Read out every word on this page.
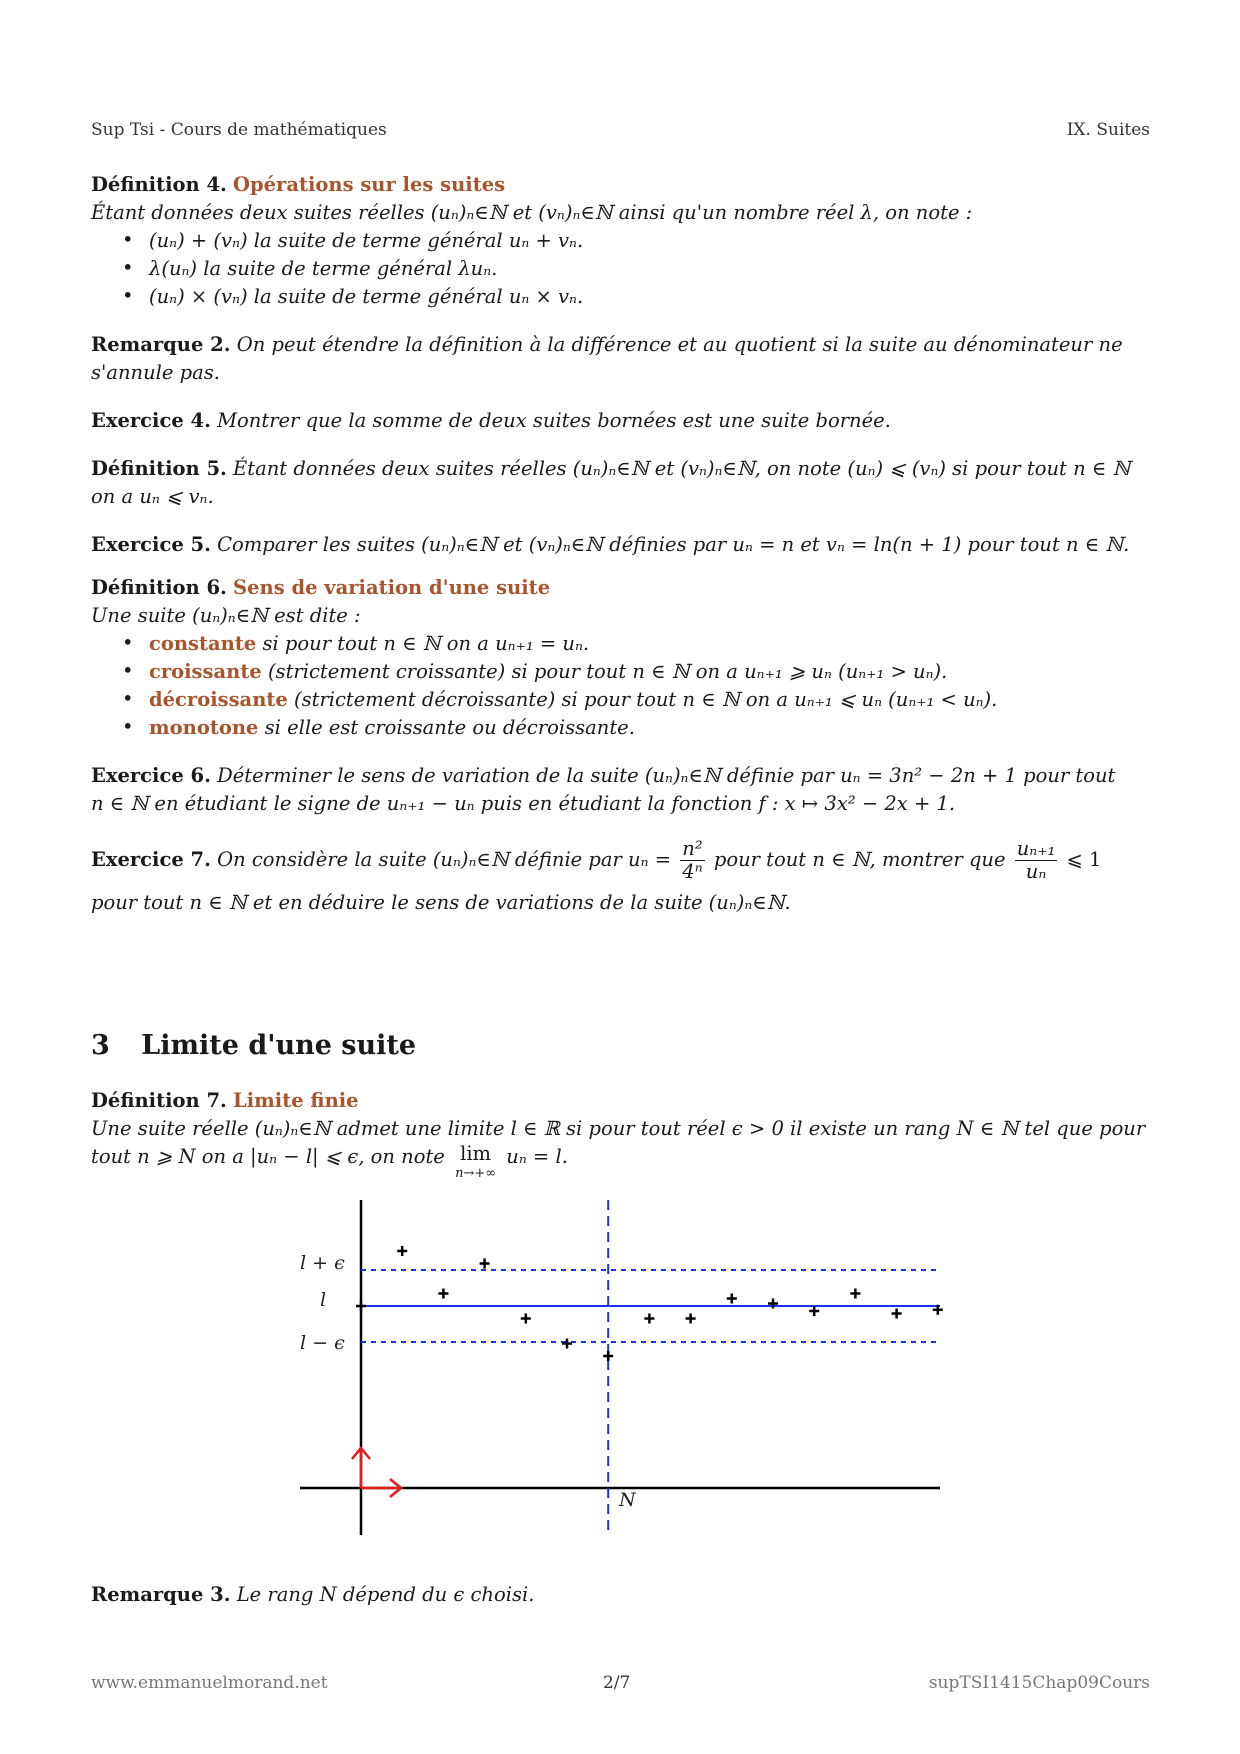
Sup Tsi - Cours de mathématiques	IX. Suites
Définition 4. Opérations sur les suites
Étant données deux suites réelles (uₙ)ₙ∈ℕ et (vₙ)ₙ∈ℕ ainsi qu'un nombre réel λ, on note :
• (uₙ) + (vₙ) la suite de terme général uₙ + vₙ.
• λ(uₙ) la suite de terme général λuₙ.
• (uₙ) × (vₙ) la suite de terme général uₙ × vₙ.
Remarque 2. On peut étendre la définition à la différence et au quotient si la suite au dénominateur ne
s'annule pas.
Exercice 4. Montrer que la somme de deux suites bornées est une suite bornée.
Définition 5. Étant données deux suites réelles (uₙ)ₙ∈ℕ et (vₙ)ₙ∈ℕ, on note (uₙ) ⩽ (vₙ) si pour tout n ∈ ℕ
on a uₙ ⩽ vₙ.
Exercice 5. Comparer les suites (uₙ)ₙ∈ℕ et (vₙ)ₙ∈ℕ définies par uₙ = n et vₙ = ln(n + 1) pour tout n ∈ ℕ.
Définition 6. Sens de variation d'une suite
Une suite (uₙ)ₙ∈ℕ est dite :
• constante si pour tout n ∈ ℕ on a uₙ₊₁ = uₙ.
• croissante (strictement croissante) si pour tout n ∈ ℕ on a uₙ₊₁ ⩾ uₙ (uₙ₊₁ > uₙ).
• décroissante (strictement décroissante) si pour tout n ∈ ℕ on a uₙ₊₁ ⩽ uₙ (uₙ₊₁ < uₙ).
• monotone si elle est croissante ou décroissante.
Exercice 6. Déterminer le sens de variation de la suite (uₙ)ₙ∈ℕ définie par uₙ = 3n² − 2n + 1 pour tout
n ∈ ℕ en étudiant le signe de uₙ₊₁ − uₙ puis en étudiant la fonction f : x ↦ 3x² − 2x + 1.
Exercice 7. On considère la suite (uₙ)ₙ∈ℕ définie par $u_n = \frac{\text{n²}}{\text{4ⁿ}}$ pour tout n ∈ ℕ, montrer que $\frac{\text{uₙ₊₁}}{\text{uₙ}}$ ⩽ 1
pour tout n ∈ ℕ et en déduire le sens de variations de la suite (uₙ)ₙ∈ℕ.
3 Limite d'une suite
Définition 7. Limite finie
Une suite réelle (uₙ)ₙ∈ℕ admet une limite l ∈ ℝ si pour tout réel ϵ > 0 il existe un rang N ∈ ℕ tel que pour
tout n ⩾ N on a |uₙ − l| ⩽ ϵ, on note lim
n→+∞
uₙ = l.
l + ϵ
l
l − ϵ
N
Remarque 3. Le rang N dépend du ϵ choisi.
www.emmanuelmorand.net	2/7	supTSI1415Chap09Cours
